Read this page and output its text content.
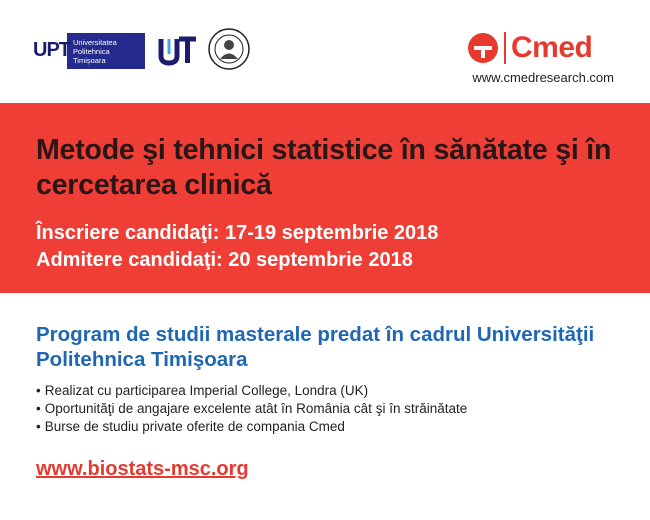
UPT Universitatea
Politehnica
Timișoara	Cmed
www.cmedresearch.com
Metode şi tehnici statistice în sănătate şi în cercetarea clinică
Înscriere candidaţi: 17-19 septembrie 2018
Admitere candidaţi: 20 septembrie 2018
Program de studii masterale predat în cadrul Universităţii Politehnica Timişoara
• Realizat cu participarea Imperial College, Londra (UK)
• Oportunităţi de angajare excelente atât în România cât şi în străinătate
• Burse de studiu private oferite de compania Cmed
www.biostats-msc.org
